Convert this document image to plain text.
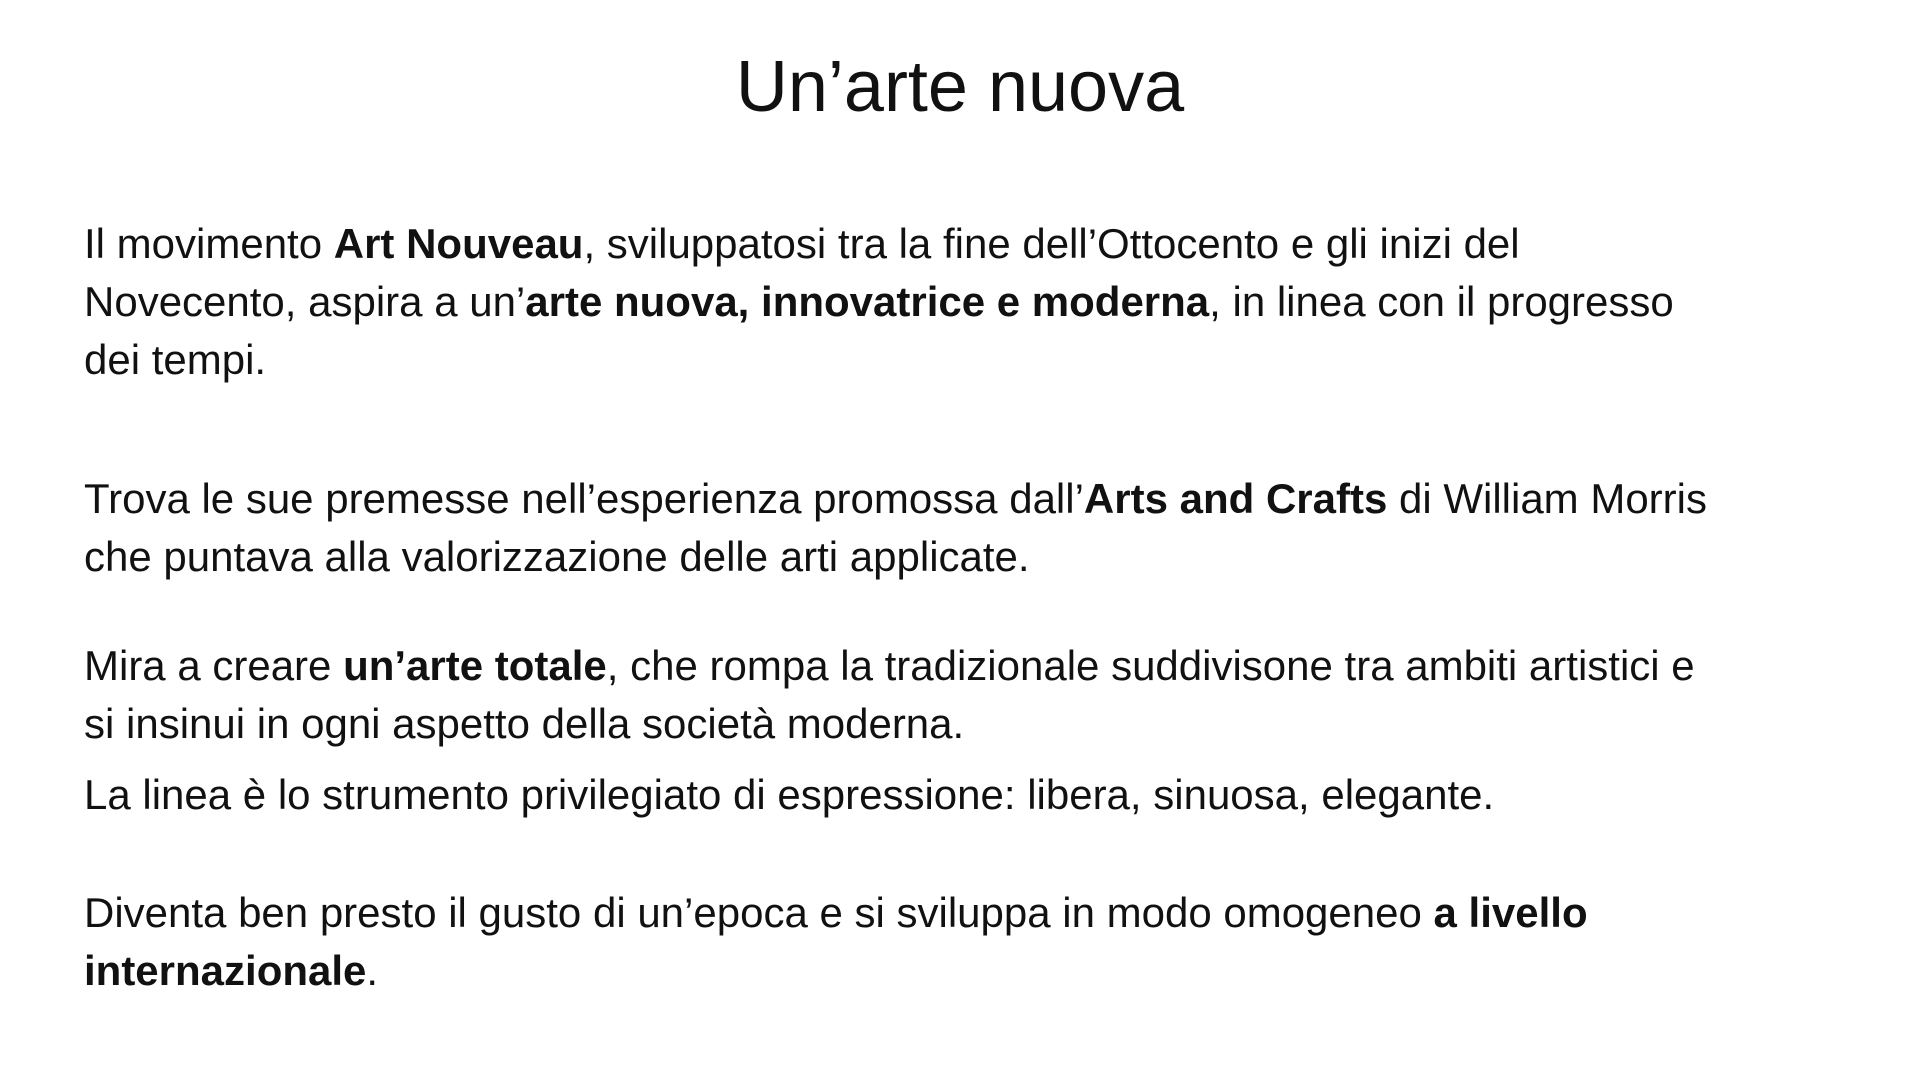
Un’arte nuova

Il movimento Art Nouveau, sviluppatosi tra la fine dell’Ottocento e gli inizi del
Novecento, aspira a un’arte nuova, innovatrice e moderna, in linea con il progresso
dei tempi.

Trova le sue premesse nell’esperienza promossa dall’Arts and Crafts di William Morris
che puntava alla valorizzazione delle arti applicate.

Mira a creare un’arte totale, che rompa la tradizionale suddivisone tra ambiti artistici e
si insinui in ogni aspetto della società moderna.

La linea è lo strumento privilegiato di espressione: libera, sinuosa, elegante.

Diventa ben presto il gusto di un’epoca e si sviluppa in modo omogeneo a livello
internazionale.
